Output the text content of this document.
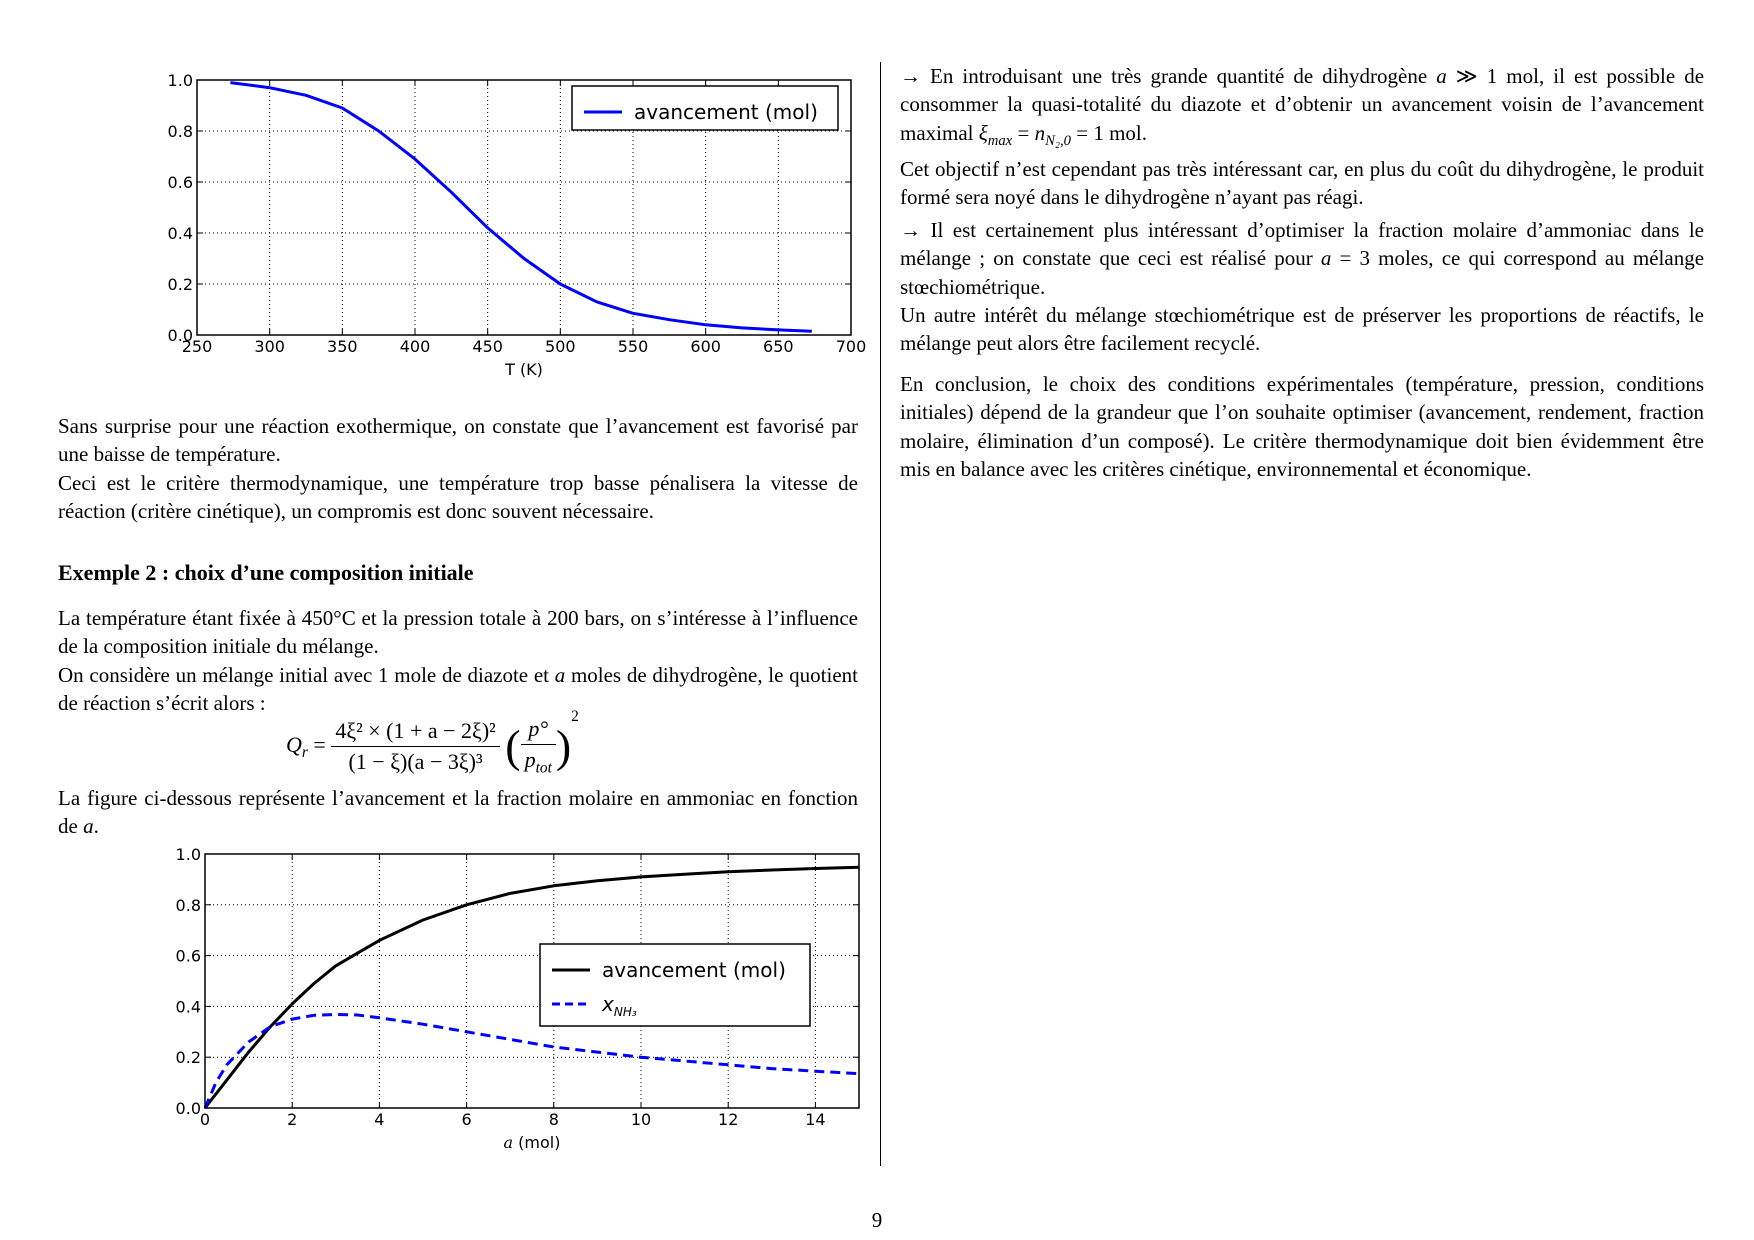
250	300	350	400	450	500	550	600	650	700
0.0
0.2
0.4
0.6
0.8
1.0
T (K)
avancement (mol)

Sans surprise pour une réaction exothermique, on constate que l’avancement est favorisé par une baisse de température.

Ceci est le critère thermodynamique, une température trop basse pénalisera la vitesse de réaction (critère cinétique), un compromis est donc souvent nécessaire.

Exemple 2 : choix d’une composition initiale

La température étant fixée à 450°C et la pression totale à 200 bars, on s’intéresse à l’influence de la composition initiale du mélange.

On considère un mélange initial avec 1 mole de diazote et a moles de dihydrogène, le quotient de réaction s’écrit alors :

$Q_r = \frac{\text{4ξ² × (1 + a − 2ξ)²}}{\text{(1 − ξ)(a − 3ξ)³}}$ ( $\frac{p^\circ}{p_{tot}} )^2$

La figure ci-dessous représente l’avancement et la fraction molaire en ammoniac en fonction de a.

0	2	4	6	8	10	12	14
0.0
0.2
0.4
0.6
0.8
1.0
a (mol)
avancement (mol)
$x_{NH_3}$

→ En introduisant une très grande quantité de dihydrogène a ≫ 1 mol, il est possible de consommer la quasi-totalité du diazote et d’obtenir un avancement voisin de l’avancement maximal $\xi_{max} = n_{N_2,0} = 1$ mol.

Cet objectif n’est cependant pas très intéressant car, en plus du coût du dihydrogène, le produit formé sera noyé dans le dihydrogène n’ayant pas réagi.

→ Il est certainement plus intéressant d’optimiser la fraction molaire d’ammoniac dans le mélange ; on constate que ceci est réalisé pour a = 3 moles, ce qui correspond au mélange stœchiométrique.

Un autre intérêt du mélange stœchiométrique est de préserver les proportions de réactifs, le mélange peut alors être facilement recyclé.

En conclusion, le choix des conditions expérimentales (température, pression, conditions initiales) dépend de la grandeur que l’on souhaite optimiser (avancement, rendement, fraction molaire, élimination d’un composé). Le critère thermodynamique doit bien évidemment être mis en balance avec les critères cinétique, environnemental et économique.

9
